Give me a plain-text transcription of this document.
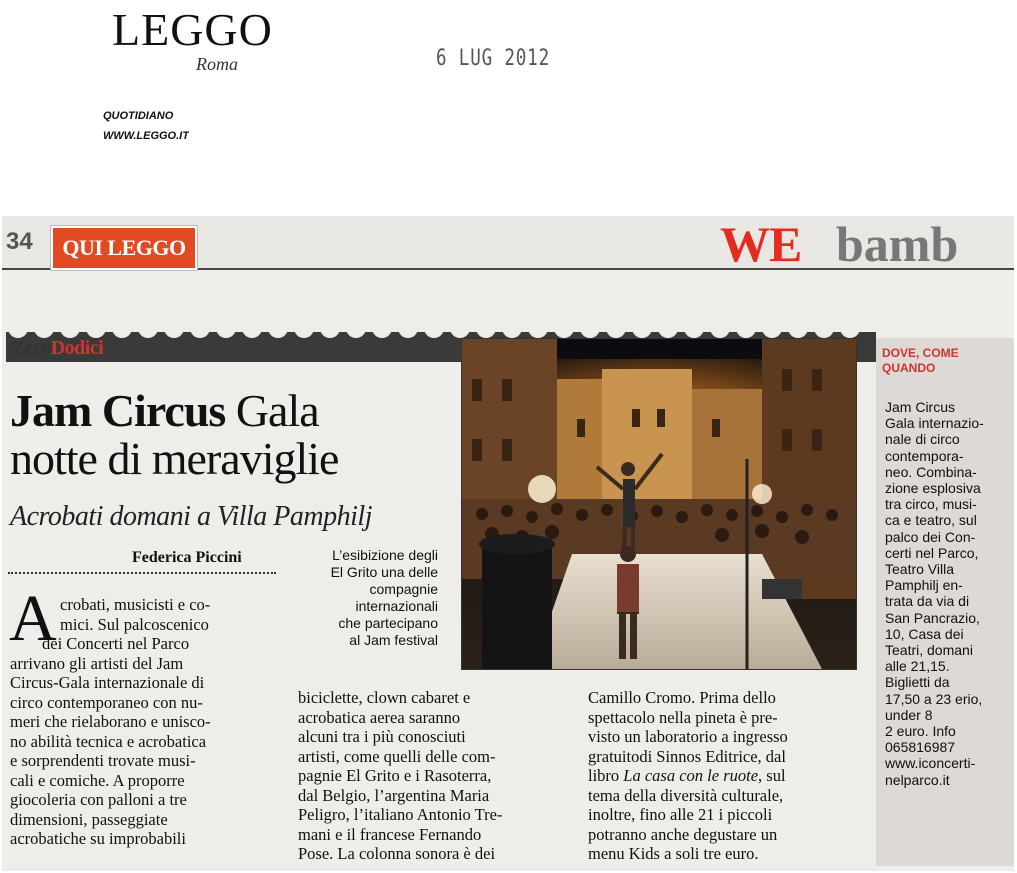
LEGGO
Roma	6 LUG 2012
QUOTIDIANO
WWW.LEGGO.IT
34	QUI LEGGO	WE bamb
ZeroDodici
Jam Circus Gala
notte di meraviglie
Acrobati domani a Villa Pamphilj
Federica Piccini	L’esibizione degli
El Grito una delle
compagnie
internazionali
che partecipano
al Jam festival
A crobati, musicisti e co-

mici. Sul palcoscenico

dei Concerti nel Parco

arrivano gli artisti del Jam

Circus-Gala internazionale di

circo contemporaneo con nu-

meri che rielaborano e unisco-

no abilità tecnica e acrobatica

e sorprendenti trovate musi-

cali e comiche. A proporre

giocoleria con palloni a tre

dimensioni, passeggiate

acrobatiche su improbabili

biciclette, clown cabaret e

acrobatica aerea saranno

alcuni tra i più conosciuti

artisti, come quelli delle com-

pagnie El Grito e i Rasoterra,

dal Belgio, l’argentina Maria

Peligro, l’italiano Antonio Tre-

mani e il francese Fernando

Pose. La colonna sonora è dei

Camillo Cromo. Prima dello

spettacolo nella pineta è pre-

visto un laboratorio a ingresso

gratuitodi Sinnos Editrice, dal

libro La casa con le ruote, sul

tema della diversità culturale,

inoltre, fino alle 21 i piccoli

potranno anche degustare un

menu Kids a soli tre euro.

DOVE, COME
QUANDO

Jam Circus

Gala internazio-

nale di circo

contempora-

neo. Combina-

zione esplosiva

tra circo, musi-

ca e teatro, sul

palco dei Con-

certi nel Parco,

Teatro Villa

Pamphilj en-

trata da via di

San Pancrazio,

10, Casa dei

Teatri, domani

alle 21,15.

Biglietti da

17,50 a 23 erio,

under 8

2 euro. Info

065816987

www.iconcerti-

nelparco.it
